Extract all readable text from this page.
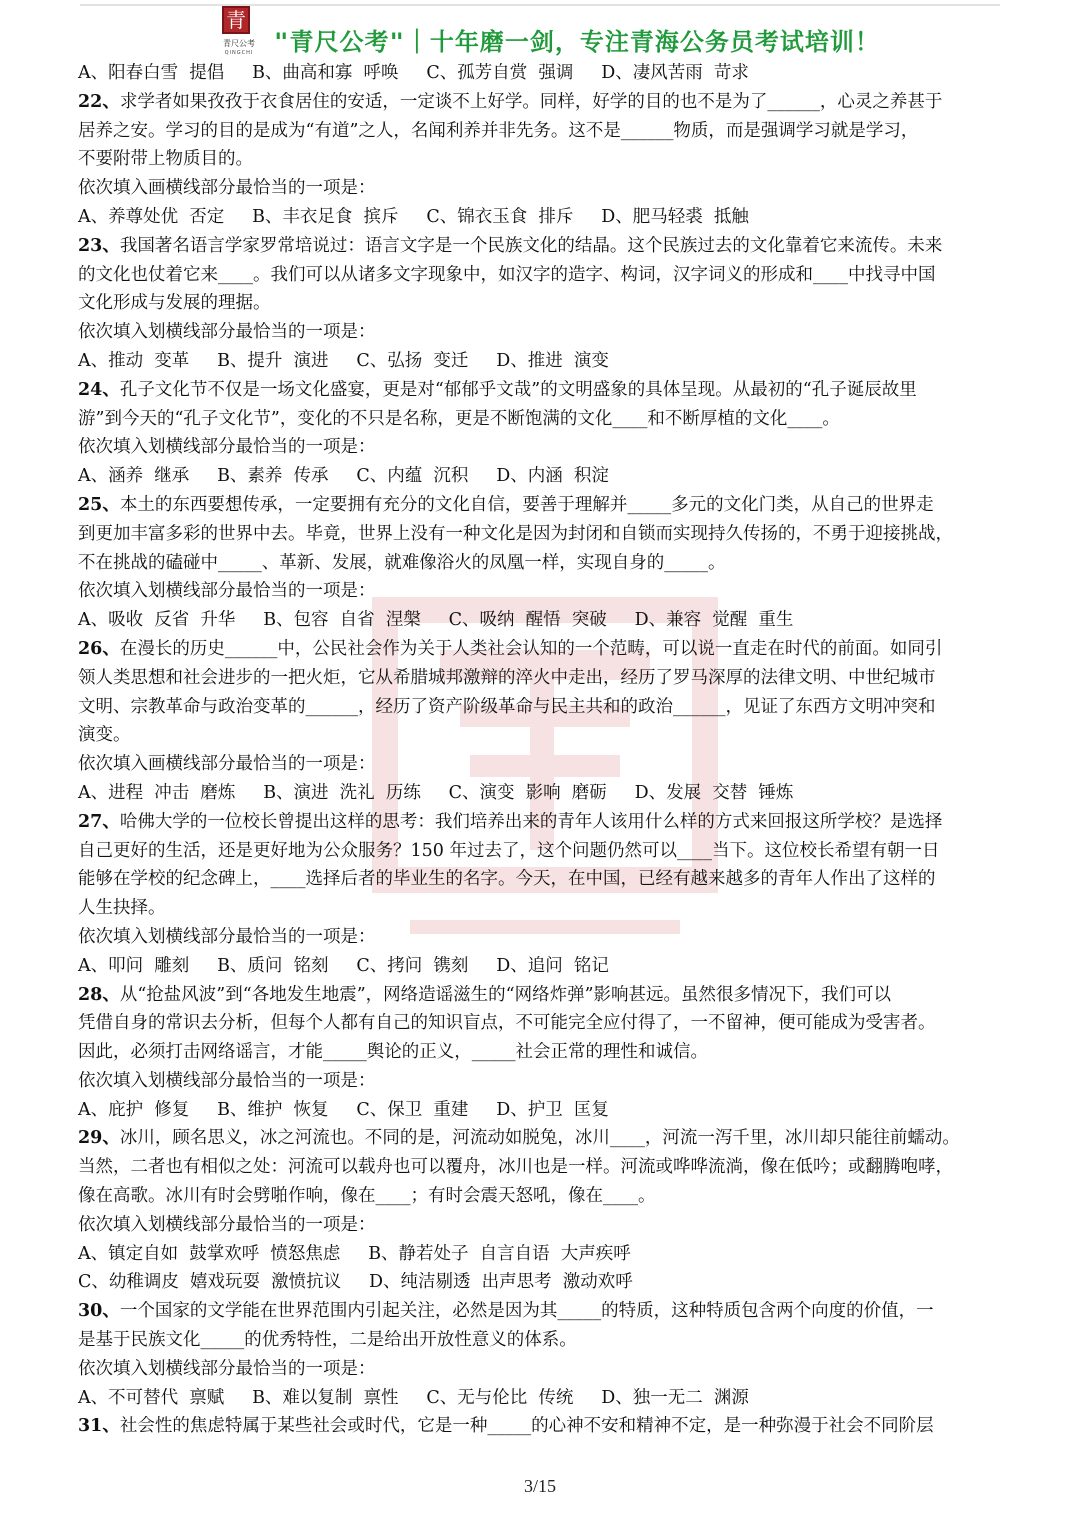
青
青尺公考
QINGCHI "青尺公考"｜十年磨一剑，专注青海公务员考试培训！

A、阳春白雪  提倡     B、曲高和寡  呼唤     C、孤芳自赏  强调     D、凄风苦雨  苛求

22、求学者如果孜孜于衣食居住的安适，一定谈不上好学。同样，好学的目的也不是为了______，心灵之养甚于

居养之安。学习的目的是成为“有道”之人，名闻利养并非先务。这不是______物质，而是强调学习就是学习，

不要附带上物质目的。

依次填入画横线部分最恰当的一项是：

A、养尊处优  否定     B、丰衣足食  摈斥     C、锦衣玉食  排斥     D、肥马轻裘  抵触

23、我国著名语言学家罗常培说过：语言文字是一个民族文化的结晶。这个民族过去的文化靠着它来流传。未来

的文化也仗着它来____。我们可以从诸多文字现象中，如汉字的造字、构词，汉字词义的形成和____中找寻中国

文化形成与发展的理据。

依次填入划横线部分最恰当的一项是：

A、推动  变革     B、提升  演进     C、弘扬  变迁     D、推进  演变

24、孔子文化节不仅是一场文化盛宴，更是对“郁郁乎文哉”的文明盛象的具体呈现。从最初的“孔子诞辰故里

游”到今天的“孔子文化节”，变化的不只是名称，更是不断饱满的文化____和不断厚植的文化____。

依次填入划横线部分最恰当的一项是：

A、涵养  继承     B、素养  传承     C、内蕴  沉积     D、内涵  积淀

25、本土的东西要想传承，一定要拥有充分的文化自信，要善于理解并_____多元的文化门类，从自己的世界走

到更加丰富多彩的世界中去。毕竟，世界上没有一种文化是因为封闭和自锁而实现持久传扬的，不勇于迎接挑战，

不在挑战的磕碰中_____、革新、发展，就难像浴火的凤凰一样，实现自身的_____。

依次填入划横线部分最恰当的一项是：

A、吸收  反省  升华     B、包容  自省  涅槃     C、吸纳  醒悟  突破     D、兼容  觉醒  重生

26、在漫长的历史______中，公民社会作为关于人类社会认知的一个范畴，可以说一直走在时代的前面。如同引

领人类思想和社会进步的一把火炬，它从希腊城邦激辩的淬火中走出，经历了罗马深厚的法律文明、中世纪城市

文明、宗教革命与政治变革的______，经历了资产阶级革命与民主共和的政治______，见证了东西方文明冲突和

演变。

依次填入画横线部分最恰当的一项是：

A、进程  冲击  磨炼     B、演进  洗礼  历练     C、演变  影响  磨砺     D、发展  交替  锤炼

27、哈佛大学的一位校长曾提出这样的思考：我们培养出来的青年人该用什么样的方式来回报这所学校？是选择

自己更好的生活，还是更好地为公众服务？150 年过去了，这个问题仍然可以____当下。这位校长希望有朝一日

能够在学校的纪念碑上，____选择后者的毕业生的名字。今天，在中国，已经有越来越多的青年人作出了这样的

人生抉择。

依次填入划横线部分最恰当的一项是：

A、叩问  雕刻     B、质问  铭刻     C、拷问  镌刻     D、追问  铭记

28、从“抢盐风波”到“各地发生地震”，网络造谣滋生的“网络炸弹”影响甚远。虽然很多情况下，我们可以

凭借自身的常识去分析，但每个人都有自己的知识盲点，不可能完全应付得了，一不留神，便可能成为受害者。

因此，必须打击网络谣言，才能_____舆论的正义，_____社会正常的理性和诚信。

依次填入划横线部分最恰当的一项是：

A、庇护  修复     B、维护  恢复     C、保卫  重建     D、护卫  匡复

29、冰川，顾名思义，冰之河流也。不同的是，河流动如脱兔，冰川____，河流一泻千里，冰川却只能往前蠕动。

当然，二者也有相似之处：河流可以载舟也可以覆舟，冰川也是一样。河流或哗哗流淌，像在低吟；或翻腾咆哮，

像在高歌。冰川有时会劈啪作响，像在____；有时会震天怒吼，像在____。

依次填入划横线部分最恰当的一项是：

A、镇定自如  鼓掌欢呼  愤怒焦虑     B、静若处子  自言自语  大声疾呼

C、幼稚调皮  嬉戏玩耍  激愤抗议     D、纯洁剔透  出声思考  激动欢呼

30、一个国家的文学能在世界范围内引起关注，必然是因为其_____的特质，这种特质包含两个向度的价值，一

是基于民族文化_____的优秀特性，二是给出开放性意义的体系。

依次填入划横线部分最恰当的一项是：

A、不可替代  禀赋     B、难以复制  禀性     C、无与伦比  传统     D、独一无二  渊源

31、社会性的焦虑特属于某些社会或时代，它是一种_____的心神不安和精神不定，是一种弥漫于社会不同阶层

3/15
